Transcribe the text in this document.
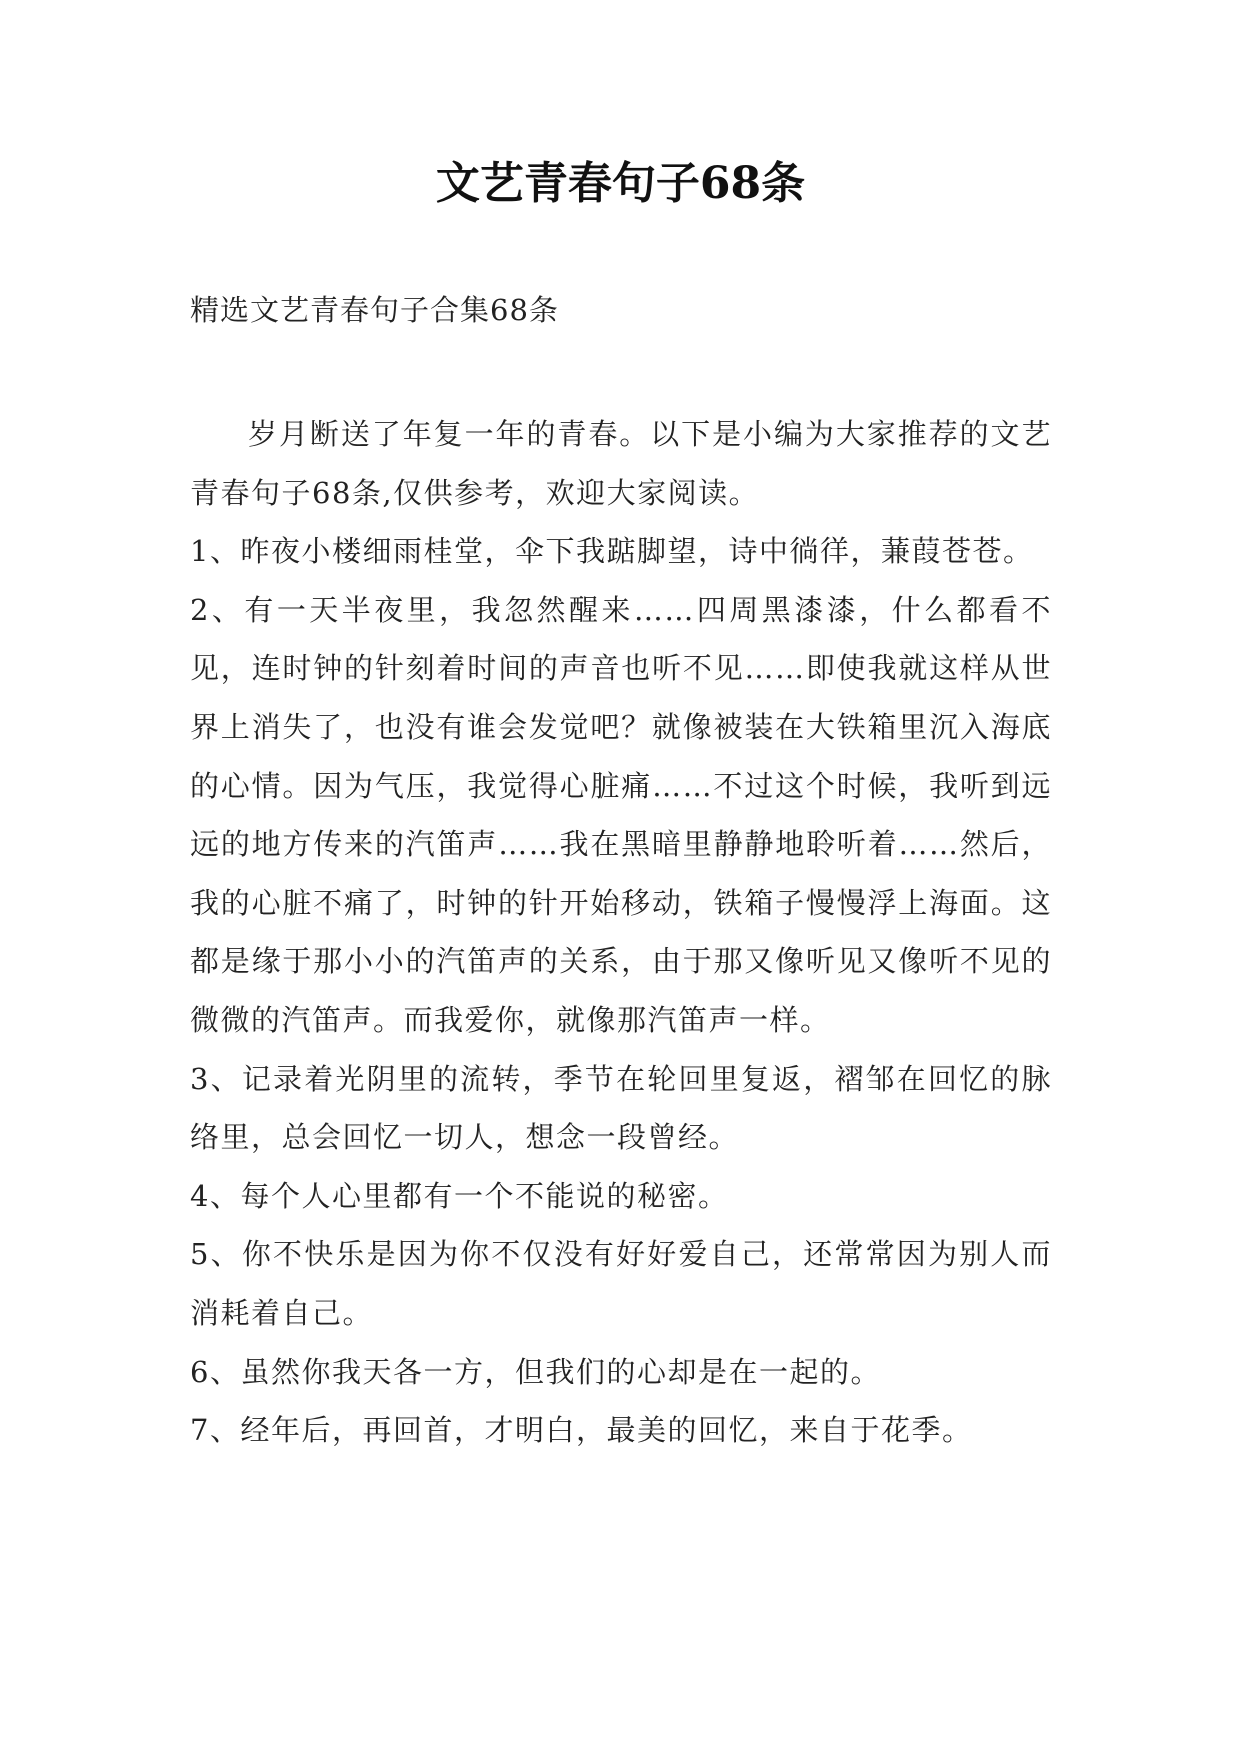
文艺青春句子68条

精选文艺青春句子合集68条

岁月断送了年复一年的青春。以下是小编为大家推荐的文艺青春句子68条,仅供参考，欢迎大家阅读。

1、昨夜小楼细雨桂堂，伞下我踮脚望，诗中徜徉，蒹葭苍苍。

2、有一天半夜里，我忽然醒来……四周黑漆漆，什么都看不见，连时钟的针刻着时间的声音也听不见……即使我就这样从世界上消失了，也没有谁会发觉吧？就像被装在大铁箱里沉入海底的心情。因为气压，我觉得心脏痛……不过这个时候，我听到远远的地方传来的汽笛声……我在黑暗里静静地聆听着……然后，我的心脏不痛了，时钟的针开始移动，铁箱子慢慢浮上海面。这都是缘于那小小的汽笛声的关系，由于那又像听见又像听不见的微微的汽笛声。而我爱你，就像那汽笛声一样。

3、记录着光阴里的流转，季节在轮回里复返，褶邹在回忆的脉络里，总会回忆一切人，想念一段曾经。

4、每个人心里都有一个不能说的秘密。

5、你不快乐是因为你不仅没有好好爱自己，还常常因为别人而消耗着自己。

6、虽然你我天各一方，但我们的心却是在一起的。

7、经年后，再回首，才明白，最美的回忆，来自于花季。
